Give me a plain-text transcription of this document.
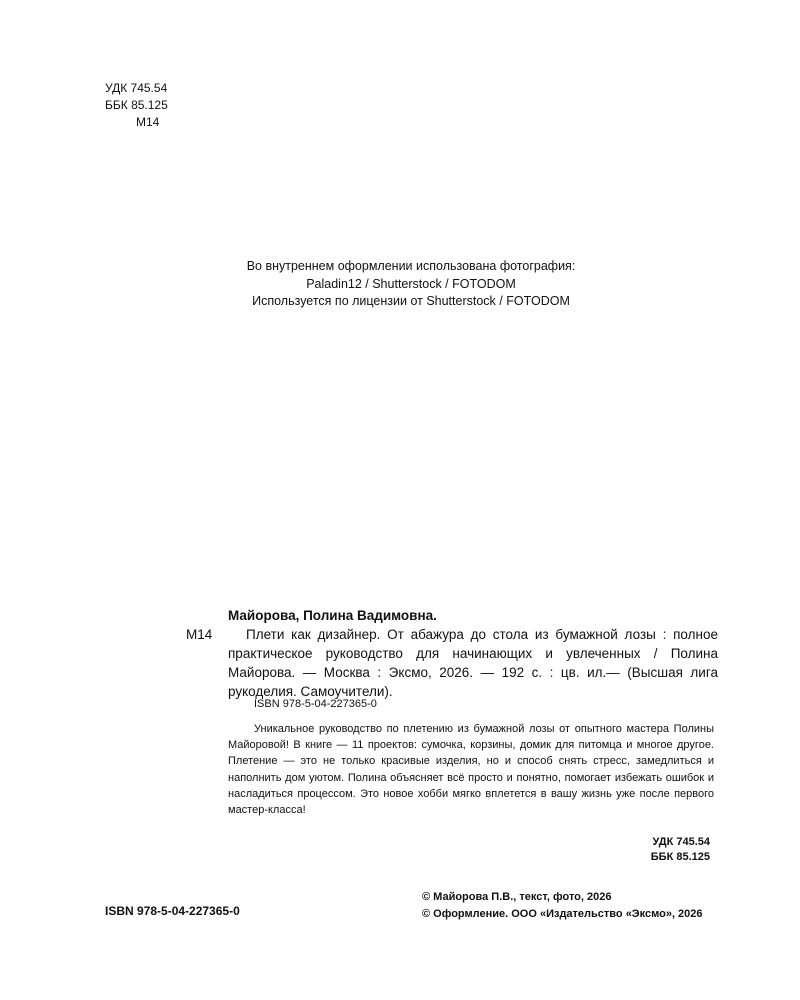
УДК 745.54
ББК 85.125
М14
Во внутреннем оформлении использована фотография:
Paladin12 / Shutterstock / FOTODOM
Используется по лицензии от Shutterstock / FOTODOM
М14

Майорова, Полина Вадимовна.

Плети как дизайнер. От абажура до стола из бумажной лозы : полное практическое руководство для начинающих и увлеченных / Полина Майорова. — Москва : Эксмо, 2026. — 192 с. : цв. ил.— (Высшая лига рукоделия. Самоучители).

ISBN 978-5-04-227365-0

Уникальное руководство по плетению из бумажной лозы от опытного мастера Полины Майоровой! В книге — 11 проектов: сумочка, корзины, домик для питомца и многое другое. Плетение — это не только красивые изделия, но и способ снять стресс, замедлиться и наполнить дом уютом. Полина объясняет всё просто и понятно, помогает избежать ошибок и насладиться процессом. Это новое хобби мягко вплетется в вашу жизнь уже после первого мастер-класса!

УДК 745.54
ББК 85.125
ISBN 978-5-04-227365-0
© Майорова П.В., текст, фото, 2026
© Оформление. ООО «Издательство «Эксмо», 2026
